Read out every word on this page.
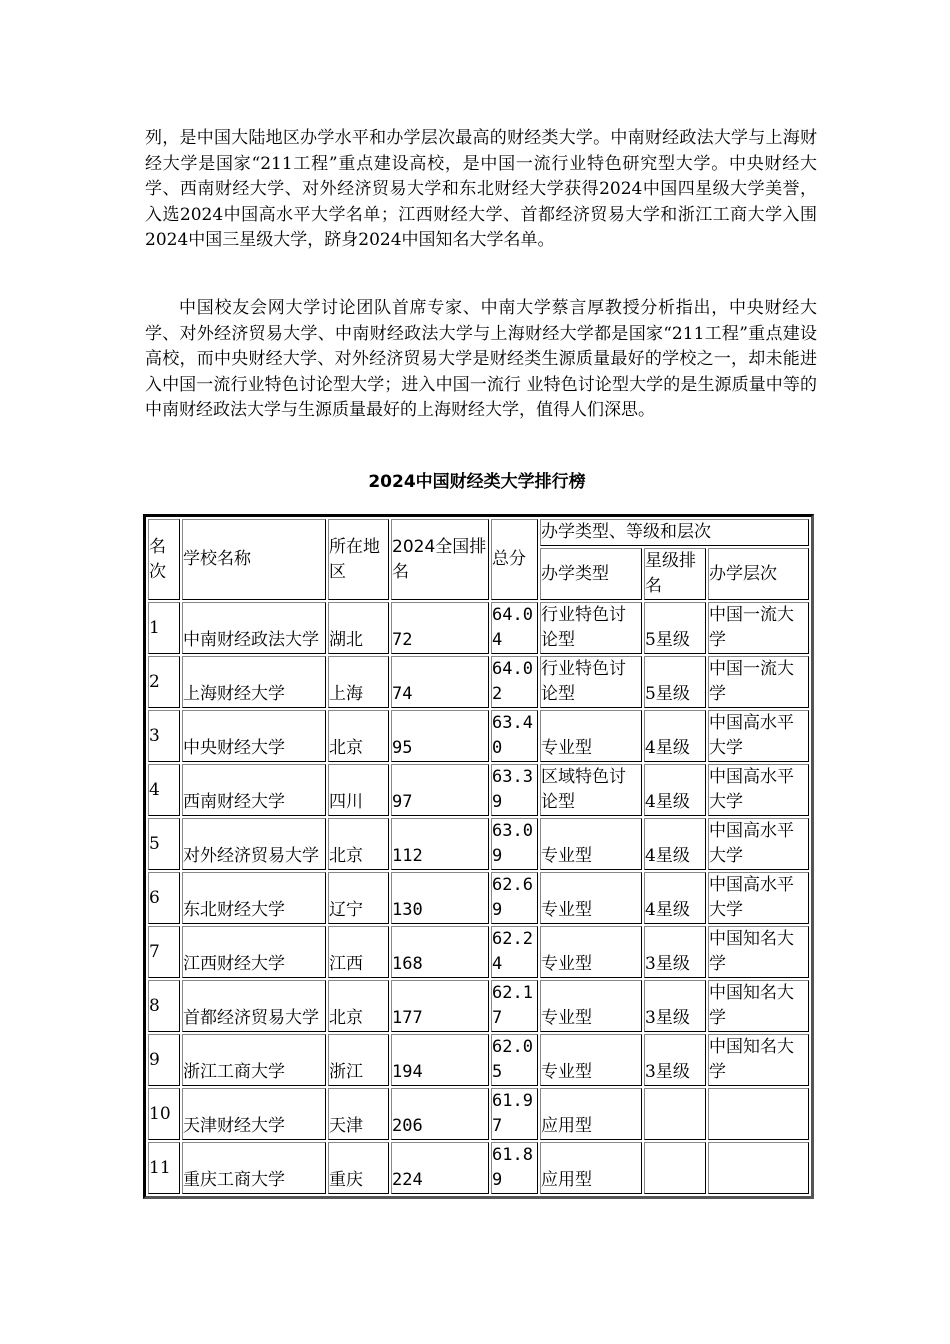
列，是中国大陆地区办学水平和办学层次最高的财经类大学。中南财经政法大学与上海财经大学是国家“211工程”重点建设高校，是中国一流行业特色研究型大学。中央财经大学、西南财经大学、对外经济贸易大学和东北财经大学获得2024中国四星级大学美誉，入选2024中国高水平大学名单；江西财经大学、首都经济贸易大学和浙江工商大学入围2024中国三星级大学，跻身2024中国知名大学名单。

中国校友会网大学讨论团队首席专家、中南大学蔡言厚教授分析指出，中央财经大学、对外经济贸易大学、中南财经政法大学与上海财经大学都是国家“211工程”重点建设高校，而中央财经大学、对外经济贸易大学是财经类生源质量最好的学校之一，却未能进入中国一流行业特色讨论型大学；进入中国一流行 业特色讨论型大学的是生源质量中等的中南财经政法大学与生源质量最好的上海财经大学，值得人们深思。

2024中国财经类大学排行榜
名次	学校名称	所在地区	2024全国排名	总分	办学类型、等级和层次		
					办学类型	星级排名	办学层次
1	中南财经政法大学	湖北	72	64.04	行业特色讨论型	5星级	中国一流大学
2	上海财经大学	上海	74	64.02	行业特色讨论型	5星级	中国一流大学
3	中央财经大学	北京	95	63.40	专业型	4星级	中国高水平大学
4	西南财经大学	四川	97	63.39	区域特色讨论型	4星级	中国高水平大学
5	对外经济贸易大学	北京	112	63.09	专业型	4星级	中国高水平大学
6	东北财经大学	辽宁	130	62.69	专业型	4星级	中国高水平大学
7	江西财经大学	江西	168	62.24	专业型	3星级	中国知名大学
8	首都经济贸易大学	北京	177	62.17	专业型	3星级	中国知名大学
9	浙江工商大学	浙江	194	62.05	专业型	3星级	中国知名大学
10	天津财经大学	天津	206	61.97	应用型		
11	重庆工商大学	重庆	224	61.89	应用型		
